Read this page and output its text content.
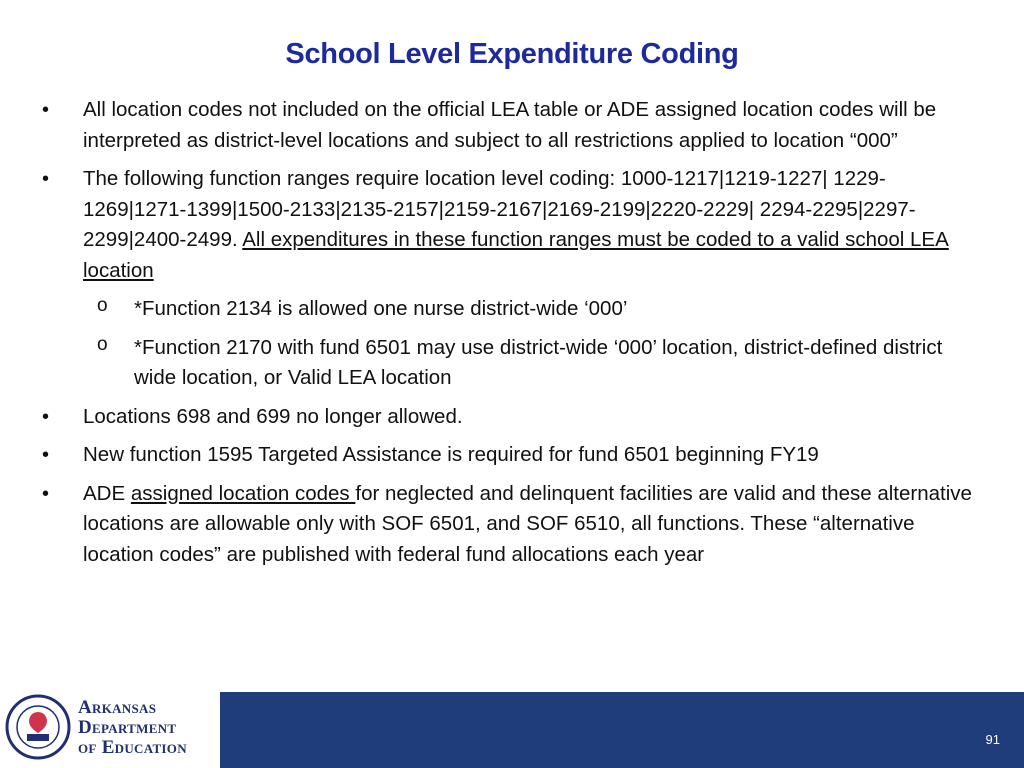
School Level Expenditure Coding
• All location codes not included on the official LEA table or ADE assigned location codes will be interpreted as district-level locations and subject to all restrictions applied to location “000”
• The following function ranges require location level coding: 1000-1217|1219-1227| 1229-1269|1271-1399|1500-2133|2135-2157|2159-2167|2169-2199|2220-2229| 2294-2295|2297-2299|2400-2499. All expenditures in these function ranges must be coded to a valid school LEA location
o *Function 2134 is allowed one nurse district-wide ‘000’
o *Function 2170 with fund 6501 may use district-wide ‘000’ location, district-defined district wide location, or Valid LEA location
• Locations 698 and 699 no longer allowed.
• New function 1595 Targeted Assistance is required for fund 6501 beginning FY19
• ADE assigned location codes for neglected and delinquent facilities are valid and these alternative locations are allowable only with SOF 6501, and SOF 6510, all functions. These “alternative location codes” are published with federal fund allocations each year
Arkansas
Department
of Education	91
